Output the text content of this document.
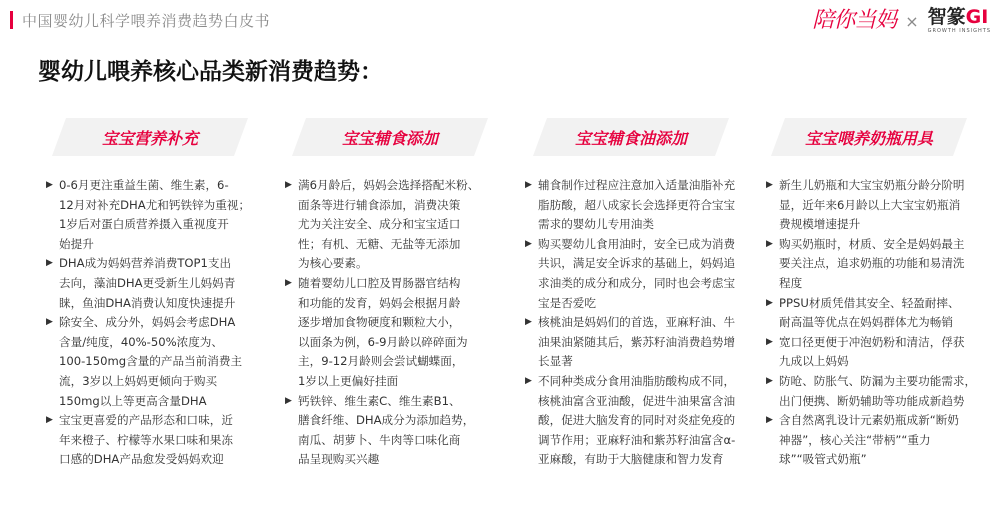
中国婴幼儿科学喂养消费趋势白皮书	陪你当妈 × 智篆GI
GROWTH INSIGHTS
婴幼儿喂养核心品类新消费趋势：
宝宝营养补充
▶ 0-6月更注重益生菌、维生素，6-
12月对补充DHA尤和钙铁锌为重视；
1岁后对蛋白质营养摄入重视度开
始提升
▶ DHA成为妈妈营养消费TOP1支出
去向，藻油DHA更受新生儿妈妈青
睐，鱼油DHA消费认知度快速提升
▶ 除安全、成分外，妈妈会考虑DHA
含量/纯度，40%-50%浓度为、
100-150mg含量的产品当前消费主
流，3岁以上妈妈更倾向于购买
150mg以上等更高含量DHA
▶ 宝宝更喜爱的产品形态和口味，近
年来橙子、柠檬等水果口味和果冻
口感的DHA产品愈发受妈妈欢迎
宝宝辅食添加
▶ 满6月龄后，妈妈会选择搭配米粉、
面条等进行辅食添加，消费决策
尤为关注安全、成分和宝宝适口
性；有机、无糖、无盐等无添加
为核心要素。
▶ 随着婴幼儿口腔及胃肠器官结构
和功能的发育，妈妈会根据月龄
逐步增加食物硬度和颗粒大小，
以面条为例，6-9月龄以碎碎面为
主，9-12月龄则会尝试蝴蝶面，
1岁以上更偏好挂面
▶ 钙铁锌、维生素C、维生素B1、
膳食纤维、DHA成分为添加趋势，
南瓜、胡萝卜、牛肉等口味化商
品呈现购买兴趣
宝宝辅食油添加
▶ 辅食制作过程应注意加入适量油脂补充
脂肪酸，超八成家长会选择更符合宝宝
需求的婴幼儿专用油类
▶ 购买婴幼儿食用油时，安全已成为消费
共识，满足安全诉求的基础上，妈妈追
求油类的成分和成分，同时也会考虑宝
宝是否爱吃
▶ 核桃油是妈妈们的首选，亚麻籽油、牛
油果油紧随其后，紫苏籽油消费趋势增
长显著
▶ 不同种类成分食用油脂肪酸构成不同，
核桃油富含亚油酸，促进牛油果富含油
酸，促进大脑发育的同时对炎症免疫的
调节作用；亚麻籽油和紫苏籽油富含α-
亚麻酸，有助于大脑健康和智力发育
宝宝喂养奶瓶用具
▶ 新生儿奶瓶和大宝宝奶瓶分龄分阶明
显，近年来6月龄以上大宝宝奶瓶消
费规模增速提升
▶ 购买奶瓶时，材质、安全是妈妈最主
要关注点，追求奶瓶的功能和易清洗
程度
▶ PPSU材质凭借其安全、轻盈耐摔、
耐高温等优点在妈妈群体尤为畅销
▶ 宽口径更便于冲泡奶粉和清洁，俘获
九成以上妈妈
▶ 防呛、防胀气、防漏为主要功能需求，
出门便携、断奶辅助等功能成新趋势
▶ 含自然离乳设计元素奶瓶成新“断奶
神器”，核心关注“带柄”“重力
球”“吸管式奶瓶”
